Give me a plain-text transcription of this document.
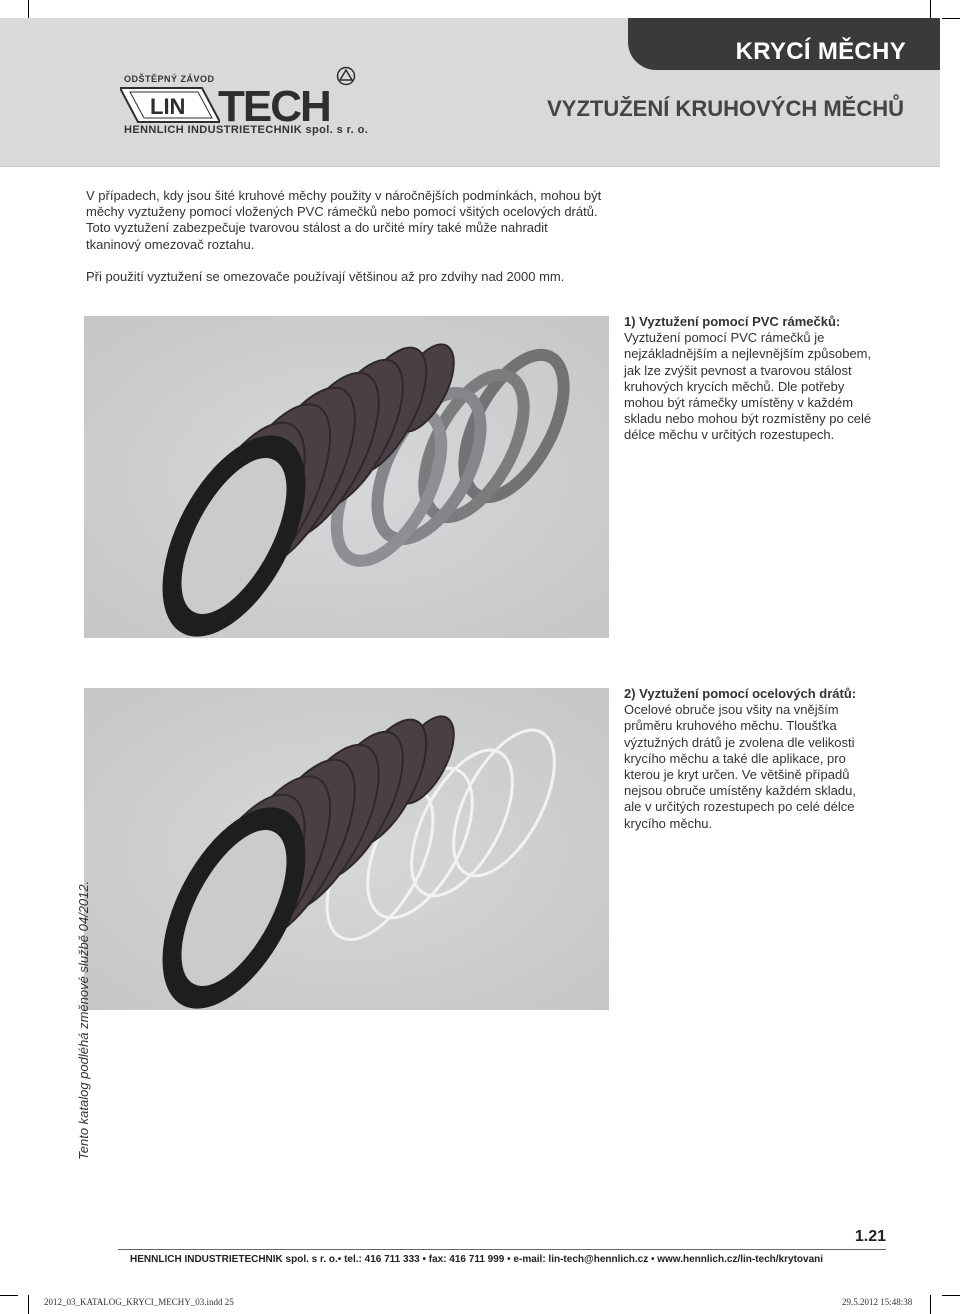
KRYCÍ MĚCHY
VYZTUŽENÍ KRUHOVÝCH MĚCHŮ
ODŠTĚPNÝ ZÁVOD
LIN TECH
HENNLICH INDUSTRIETECHNIK spol. s r. o.

V případech, kdy jsou šité kruhové měchy použity v náročnějších podmínkách, mohou být měchy vyztuženy pomocí vložených PVC rámečků nebo pomocí všitých ocelových drátů. Toto vyztužení zabezpečuje tvarovou stálost a do určité míry také může nahradit tkaninový omezovač roztahu.

Při použití vyztužení se omezovače používají většinou až pro zdvihy nad 2000 mm.

1) Vyztužení pomocí PVC rámečků:
Vyztužení pomocí PVC rámečků je nejzákladnějším a nejlevnějším způsobem, jak lze zvýšit pevnost a tvarovou stálost kruhových krycích měchů. Dle potřeby mohou být rámečky umístěny v každém skladu nebo mohou být rozmístěny po celé délce měchu v určitých rozestupech.
2) Vyztužení pomocí ocelových drátů:
Ocelové obruče jsou všity na vnějším průměru kruhového měchu. Tloušťka výztužných drátů je zvolena dle velikosti krycího měchu a také dle aplikace, pro kterou je kryt určen. Ve většině případů nejsou obruče umístěny každém skladu, ale v určitých rozestupech po celé délce krycího měchu.
Tento katalog podléhá změnové službě 04/2012.
1.21
HENNLICH INDUSTRIETECHNIK spol. s r. o.• tel.: 416 711 333 • fax: 416 711 999 • e-mail: lin-tech@hennlich.cz • www.hennlich.cz/lin-tech/krytovani
2012_03_KATALOG_KRYCI_MECHY_03.indd 25	29.5.2012 15:48:38
